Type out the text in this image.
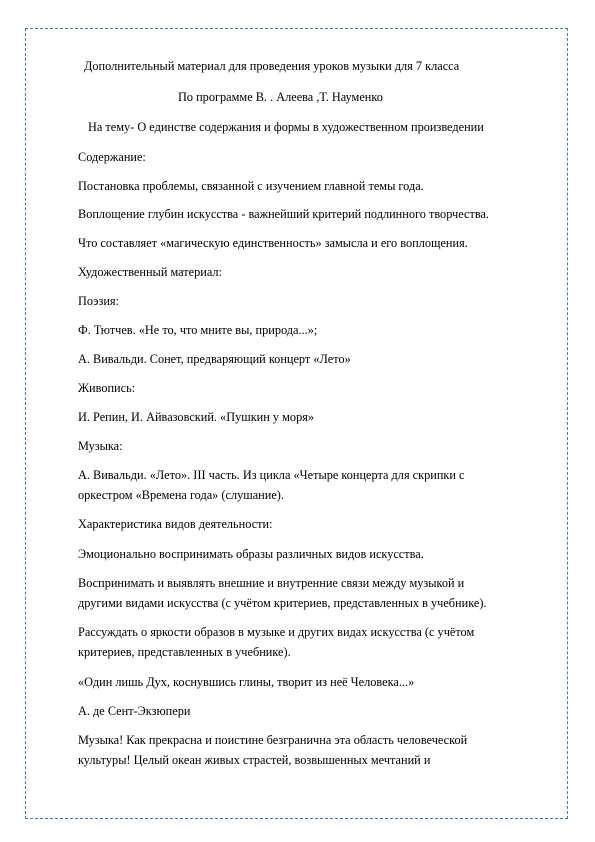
Дополнительный материал для проведения уроков музыки для 7 класса
По программе В. . Алеева ,Т. Науменко
На тему- О единстве содержания и формы в художественном произведении
Содержание:
Постановка проблемы, связанной с изучением главной темы года.
Воплощение глубин искусства - важнейший критерий подлинного творчества.
Что составляет «магическую единственность» замысла и его воплощения.
Художественный материал:
Поэзия:
Ф. Тютчев. «Не то, что мните вы, природа...»;
А. Вивальди. Сонет, предваряющий концерт «Лето»
Живопись:
И. Репин, И. Айвазовский. «Пушкин у моря»
Музыка:
А. Вивальди. «Лето». III часть. Из цикла «Четыре концерта для скрипки с
оркестром «Времена года» (слушание).
Характеристика видов деятельности:
Эмоционально воспринимать образы различных видов искусства.
Воспринимать и выявлять внешние и внутренние связи между музыкой и
другими видами искусства (с учётом критериев, представленных в учебнике).
Рассуждать о яркости образов в музыке и других видах искусства (с учётом
критериев, представленных в учебнике).
«Один лишь Дух, коснувшись глины, творит из неё Человека...»
А. де Сент-Экзюпери
Музыка! Как прекрасна и поистине безгранична эта область человеческой
культуры! Целый океан живых страстей, возвышенных мечтаний и
